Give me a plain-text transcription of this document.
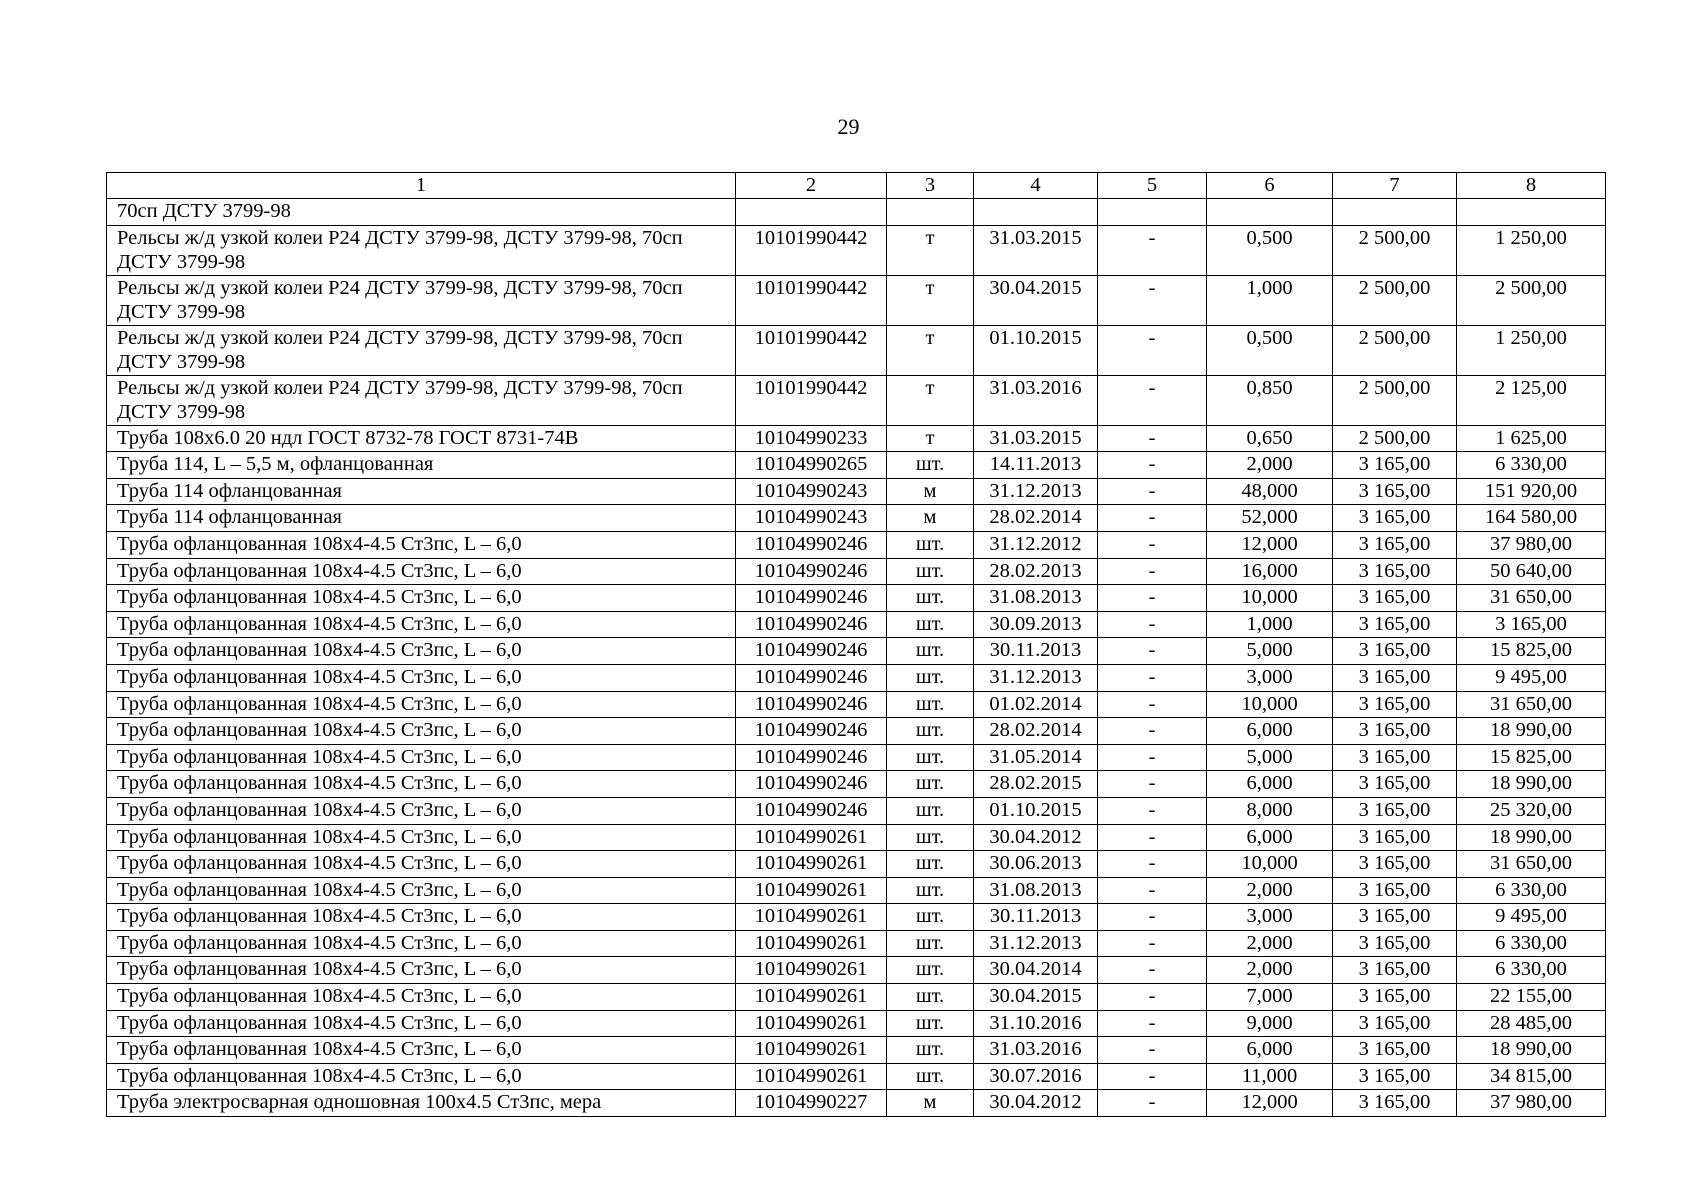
29
1	2	3	4	5	6	7	8
70сп ДСТУ 3799-98							
Рельсы ж/д узкой колеи Р24 ДСТУ 3799-98, ДСТУ 3799-98, 70сп ДСТУ 3799-98	10101990442	т	31.03.2015	-	0,500	2 500,00	1 250,00
Рельсы ж/д узкой колеи Р24 ДСТУ 3799-98, ДСТУ 3799-98, 70сп ДСТУ 3799-98	10101990442	т	30.04.2015	-	1,000	2 500,00	2 500,00
Рельсы ж/д узкой колеи Р24 ДСТУ 3799-98, ДСТУ 3799-98, 70сп ДСТУ 3799-98	10101990442	т	01.10.2015	-	0,500	2 500,00	1 250,00
Рельсы ж/д узкой колеи Р24 ДСТУ 3799-98, ДСТУ 3799-98, 70сп ДСТУ 3799-98	10101990442	т	31.03.2016	-	0,850	2 500,00	2 125,00
Труба 108х6.0 20 ндл ГОСТ 8732-78 ГОСТ 8731-74В	10104990233	т	31.03.2015	-	0,650	2 500,00	1 625,00
Труба 114, L – 5,5 м, офланцованная	10104990265	шт.	14.11.2013	-	2,000	3 165,00	6 330,00
Труба 114 офланцованная	10104990243	м	31.12.2013	-	48,000	3 165,00	151 920,00
Труба 114 офланцованная	10104990243	м	28.02.2014	-	52,000	3 165,00	164 580,00
Труба офланцованная 108х4-4.5 Ст3пс, L – 6,0	10104990246	шт.	31.12.2012	-	12,000	3 165,00	37 980,00
Труба офланцованная 108х4-4.5 Ст3пс, L – 6,0	10104990246	шт.	28.02.2013	-	16,000	3 165,00	50 640,00
Труба офланцованная 108х4-4.5 Ст3пс, L – 6,0	10104990246	шт.	31.08.2013	-	10,000	3 165,00	31 650,00
Труба офланцованная 108х4-4.5 Ст3пс, L – 6,0	10104990246	шт.	30.09.2013	-	1,000	3 165,00	3 165,00
Труба офланцованная 108х4-4.5 Ст3пс, L – 6,0	10104990246	шт.	30.11.2013	-	5,000	3 165,00	15 825,00
Труба офланцованная 108х4-4.5 Ст3пс, L – 6,0	10104990246	шт.	31.12.2013	-	3,000	3 165,00	9 495,00
Труба офланцованная 108х4-4.5 Ст3пс, L – 6,0	10104990246	шт.	01.02.2014	-	10,000	3 165,00	31 650,00
Труба офланцованная 108х4-4.5 Ст3пс, L – 6,0	10104990246	шт.	28.02.2014	-	6,000	3 165,00	18 990,00
Труба офланцованная 108х4-4.5 Ст3пс, L – 6,0	10104990246	шт.	31.05.2014	-	5,000	3 165,00	15 825,00
Труба офланцованная 108х4-4.5 Ст3пс, L – 6,0	10104990246	шт.	28.02.2015	-	6,000	3 165,00	18 990,00
Труба офланцованная 108х4-4.5 Ст3пс, L – 6,0	10104990246	шт.	01.10.2015	-	8,000	3 165,00	25 320,00
Труба офланцованная 108х4-4.5 Ст3пс, L – 6,0	10104990261	шт.	30.04.2012	-	6,000	3 165,00	18 990,00
Труба офланцованная 108х4-4.5 Ст3пс, L – 6,0	10104990261	шт.	30.06.2013	-	10,000	3 165,00	31 650,00
Труба офланцованная 108х4-4.5 Ст3пс, L – 6,0	10104990261	шт.	31.08.2013	-	2,000	3 165,00	6 330,00
Труба офланцованная 108х4-4.5 Ст3пс, L – 6,0	10104990261	шт.	30.11.2013	-	3,000	3 165,00	9 495,00
Труба офланцованная 108х4-4.5 Ст3пс, L – 6,0	10104990261	шт.	31.12.2013	-	2,000	3 165,00	6 330,00
Труба офланцованная 108х4-4.5 Ст3пс, L – 6,0	10104990261	шт.	30.04.2014	-	2,000	3 165,00	6 330,00
Труба офланцованная 108х4-4.5 Ст3пс, L – 6,0	10104990261	шт.	30.04.2015	-	7,000	3 165,00	22 155,00
Труба офланцованная 108х4-4.5 Ст3пс, L – 6,0	10104990261	шт.	31.10.2016	-	9,000	3 165,00	28 485,00
Труба офланцованная 108х4-4.5 Ст3пс, L – 6,0	10104990261	шт.	31.03.2016	-	6,000	3 165,00	18 990,00
Труба офланцованная 108х4-4.5 Ст3пс, L – 6,0	10104990261	шт.	30.07.2016	-	11,000	3 165,00	34 815,00
Труба электросварная одношовная 100х4.5 Ст3пс, мера	10104990227	м	30.04.2012	-	12,000	3 165,00	37 980,00
